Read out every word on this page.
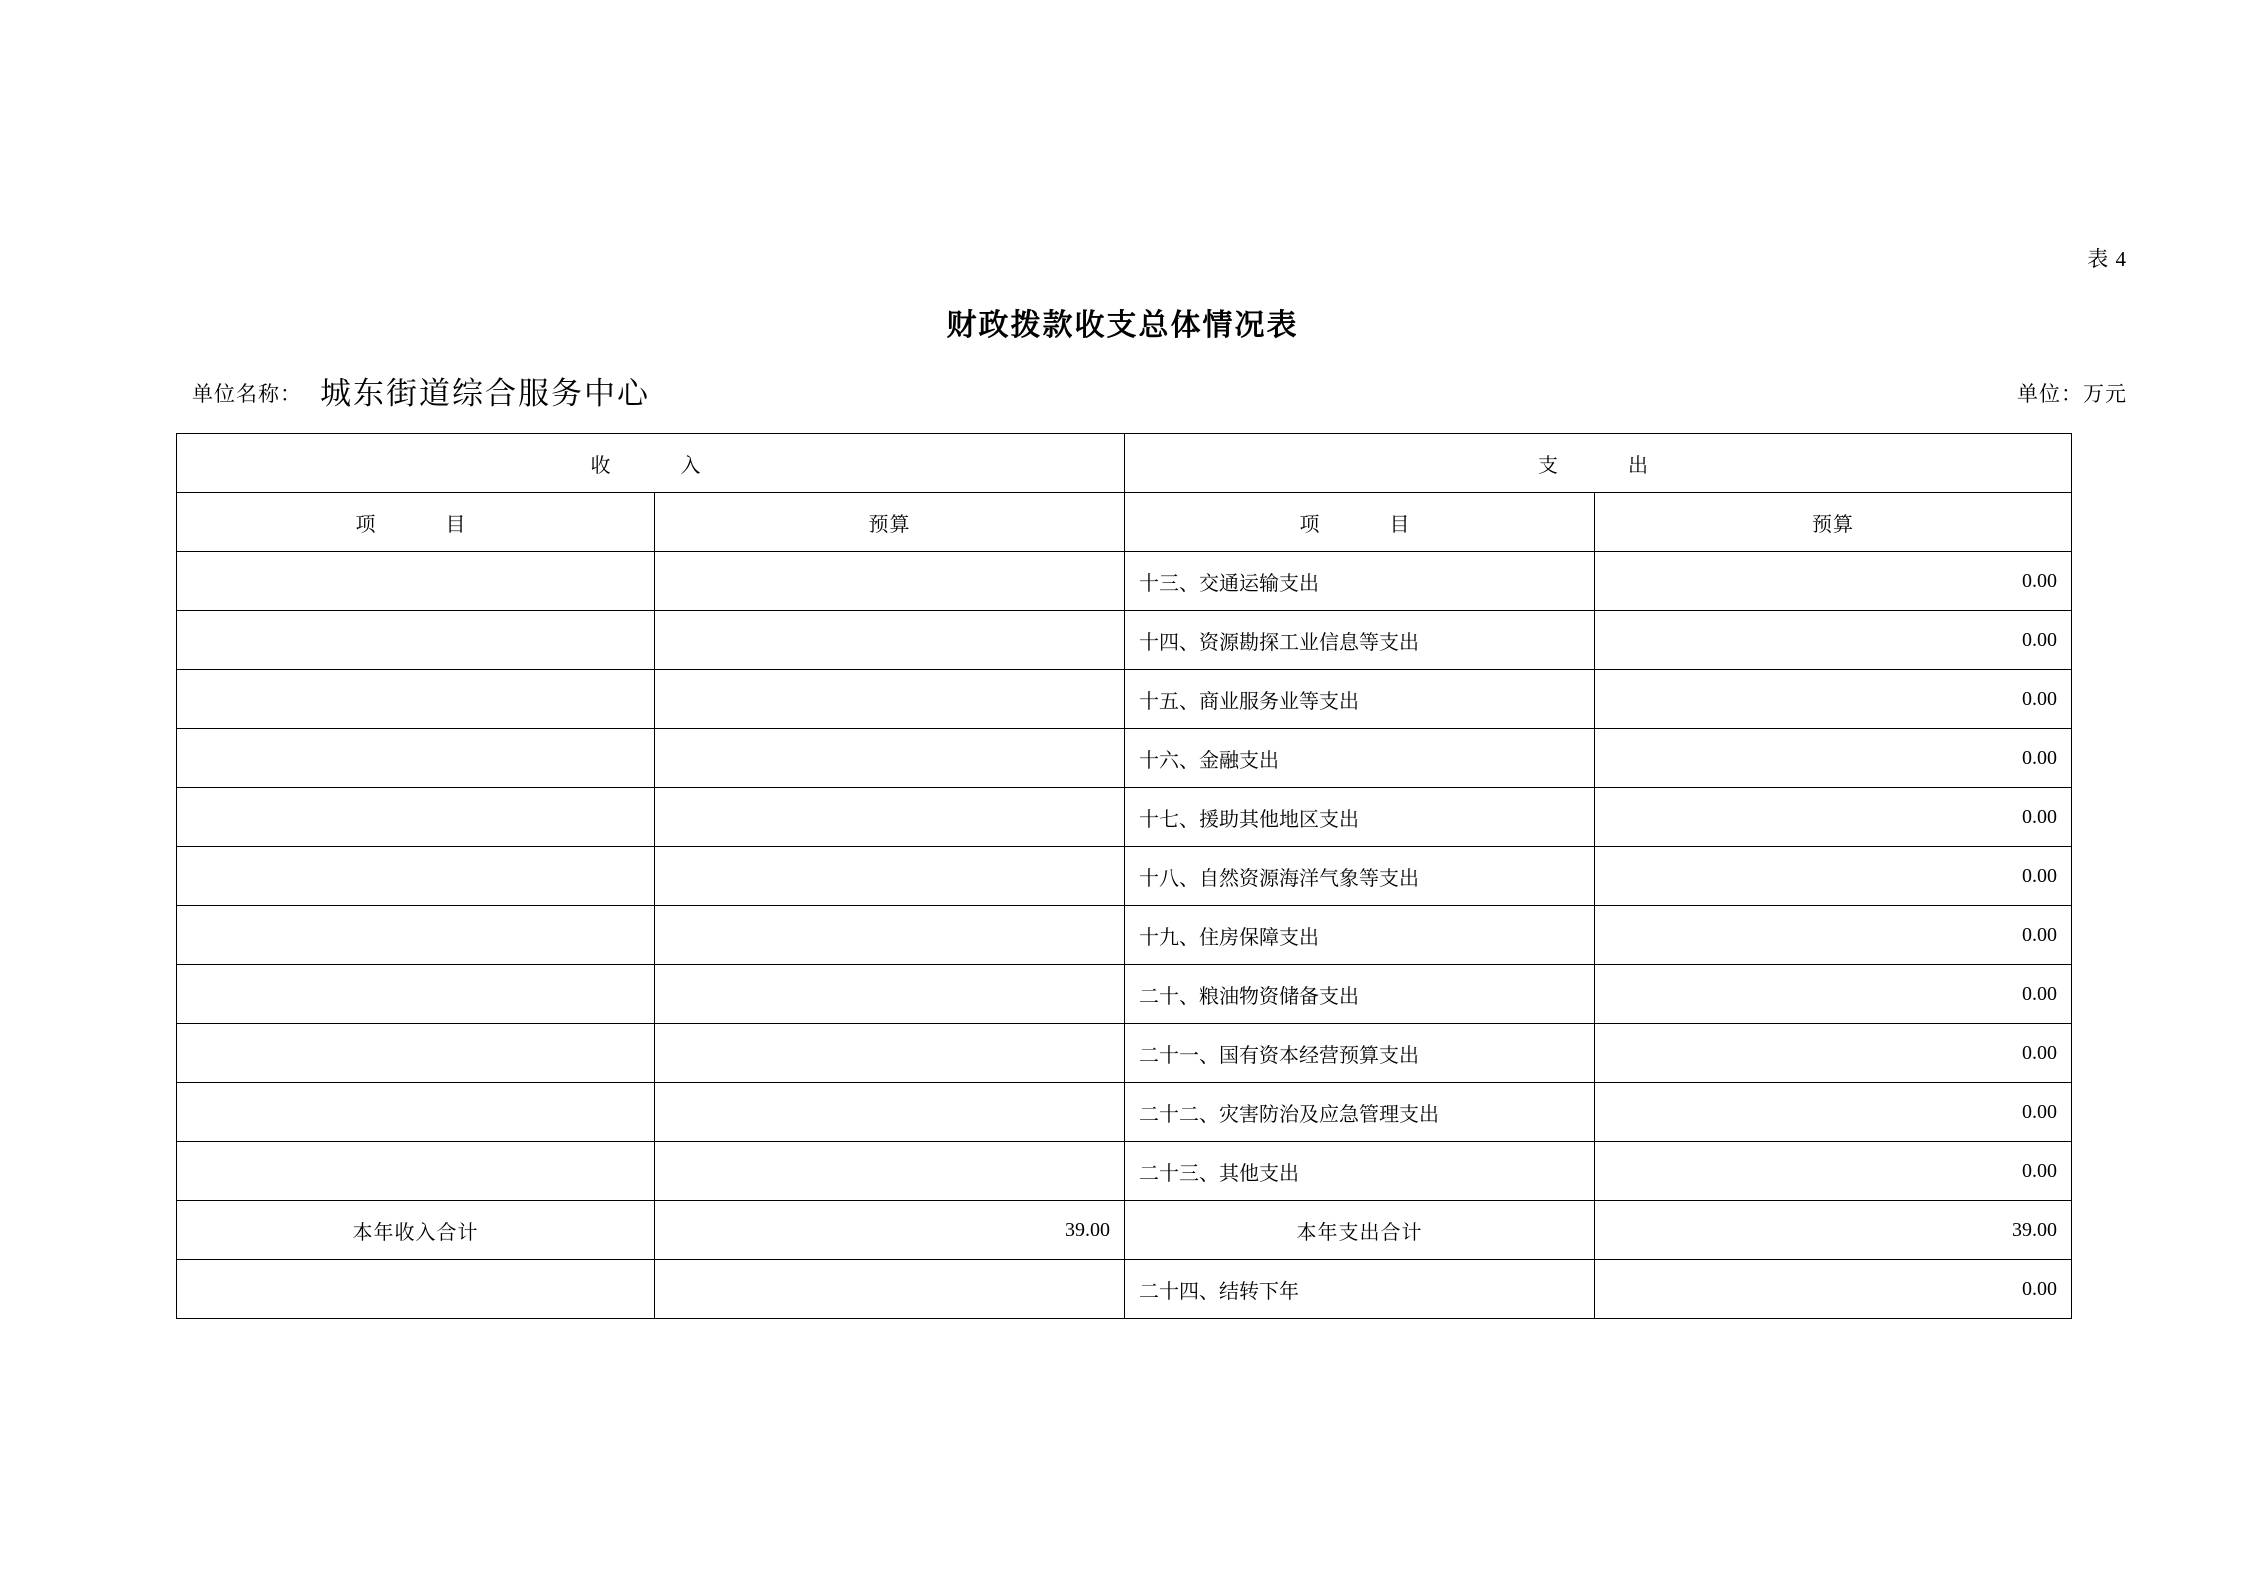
表 4
财政拨款收支总体情况表
单位名称： 城东街道综合服务中心	单位：万元
收　　入		支　　出	
项　　目	预算	项　　目	预算
		十三、交通运输支出	0.00
		十四、资源勘探工业信息等支出	0.00
		十五、商业服务业等支出	0.00
		十六、金融支出	0.00
		十七、援助其他地区支出	0.00
		十八、自然资源海洋气象等支出	0.00
		十九、住房保障支出	0.00
		二十、粮油物资储备支出	0.00
		二十一、国有资本经营预算支出	0.00
		二十二、灾害防治及应急管理支出	0.00
		二十三、其他支出	0.00
本年收入合计	39.00	本年支出合计	39.00
		二十四、结转下年	0.00
